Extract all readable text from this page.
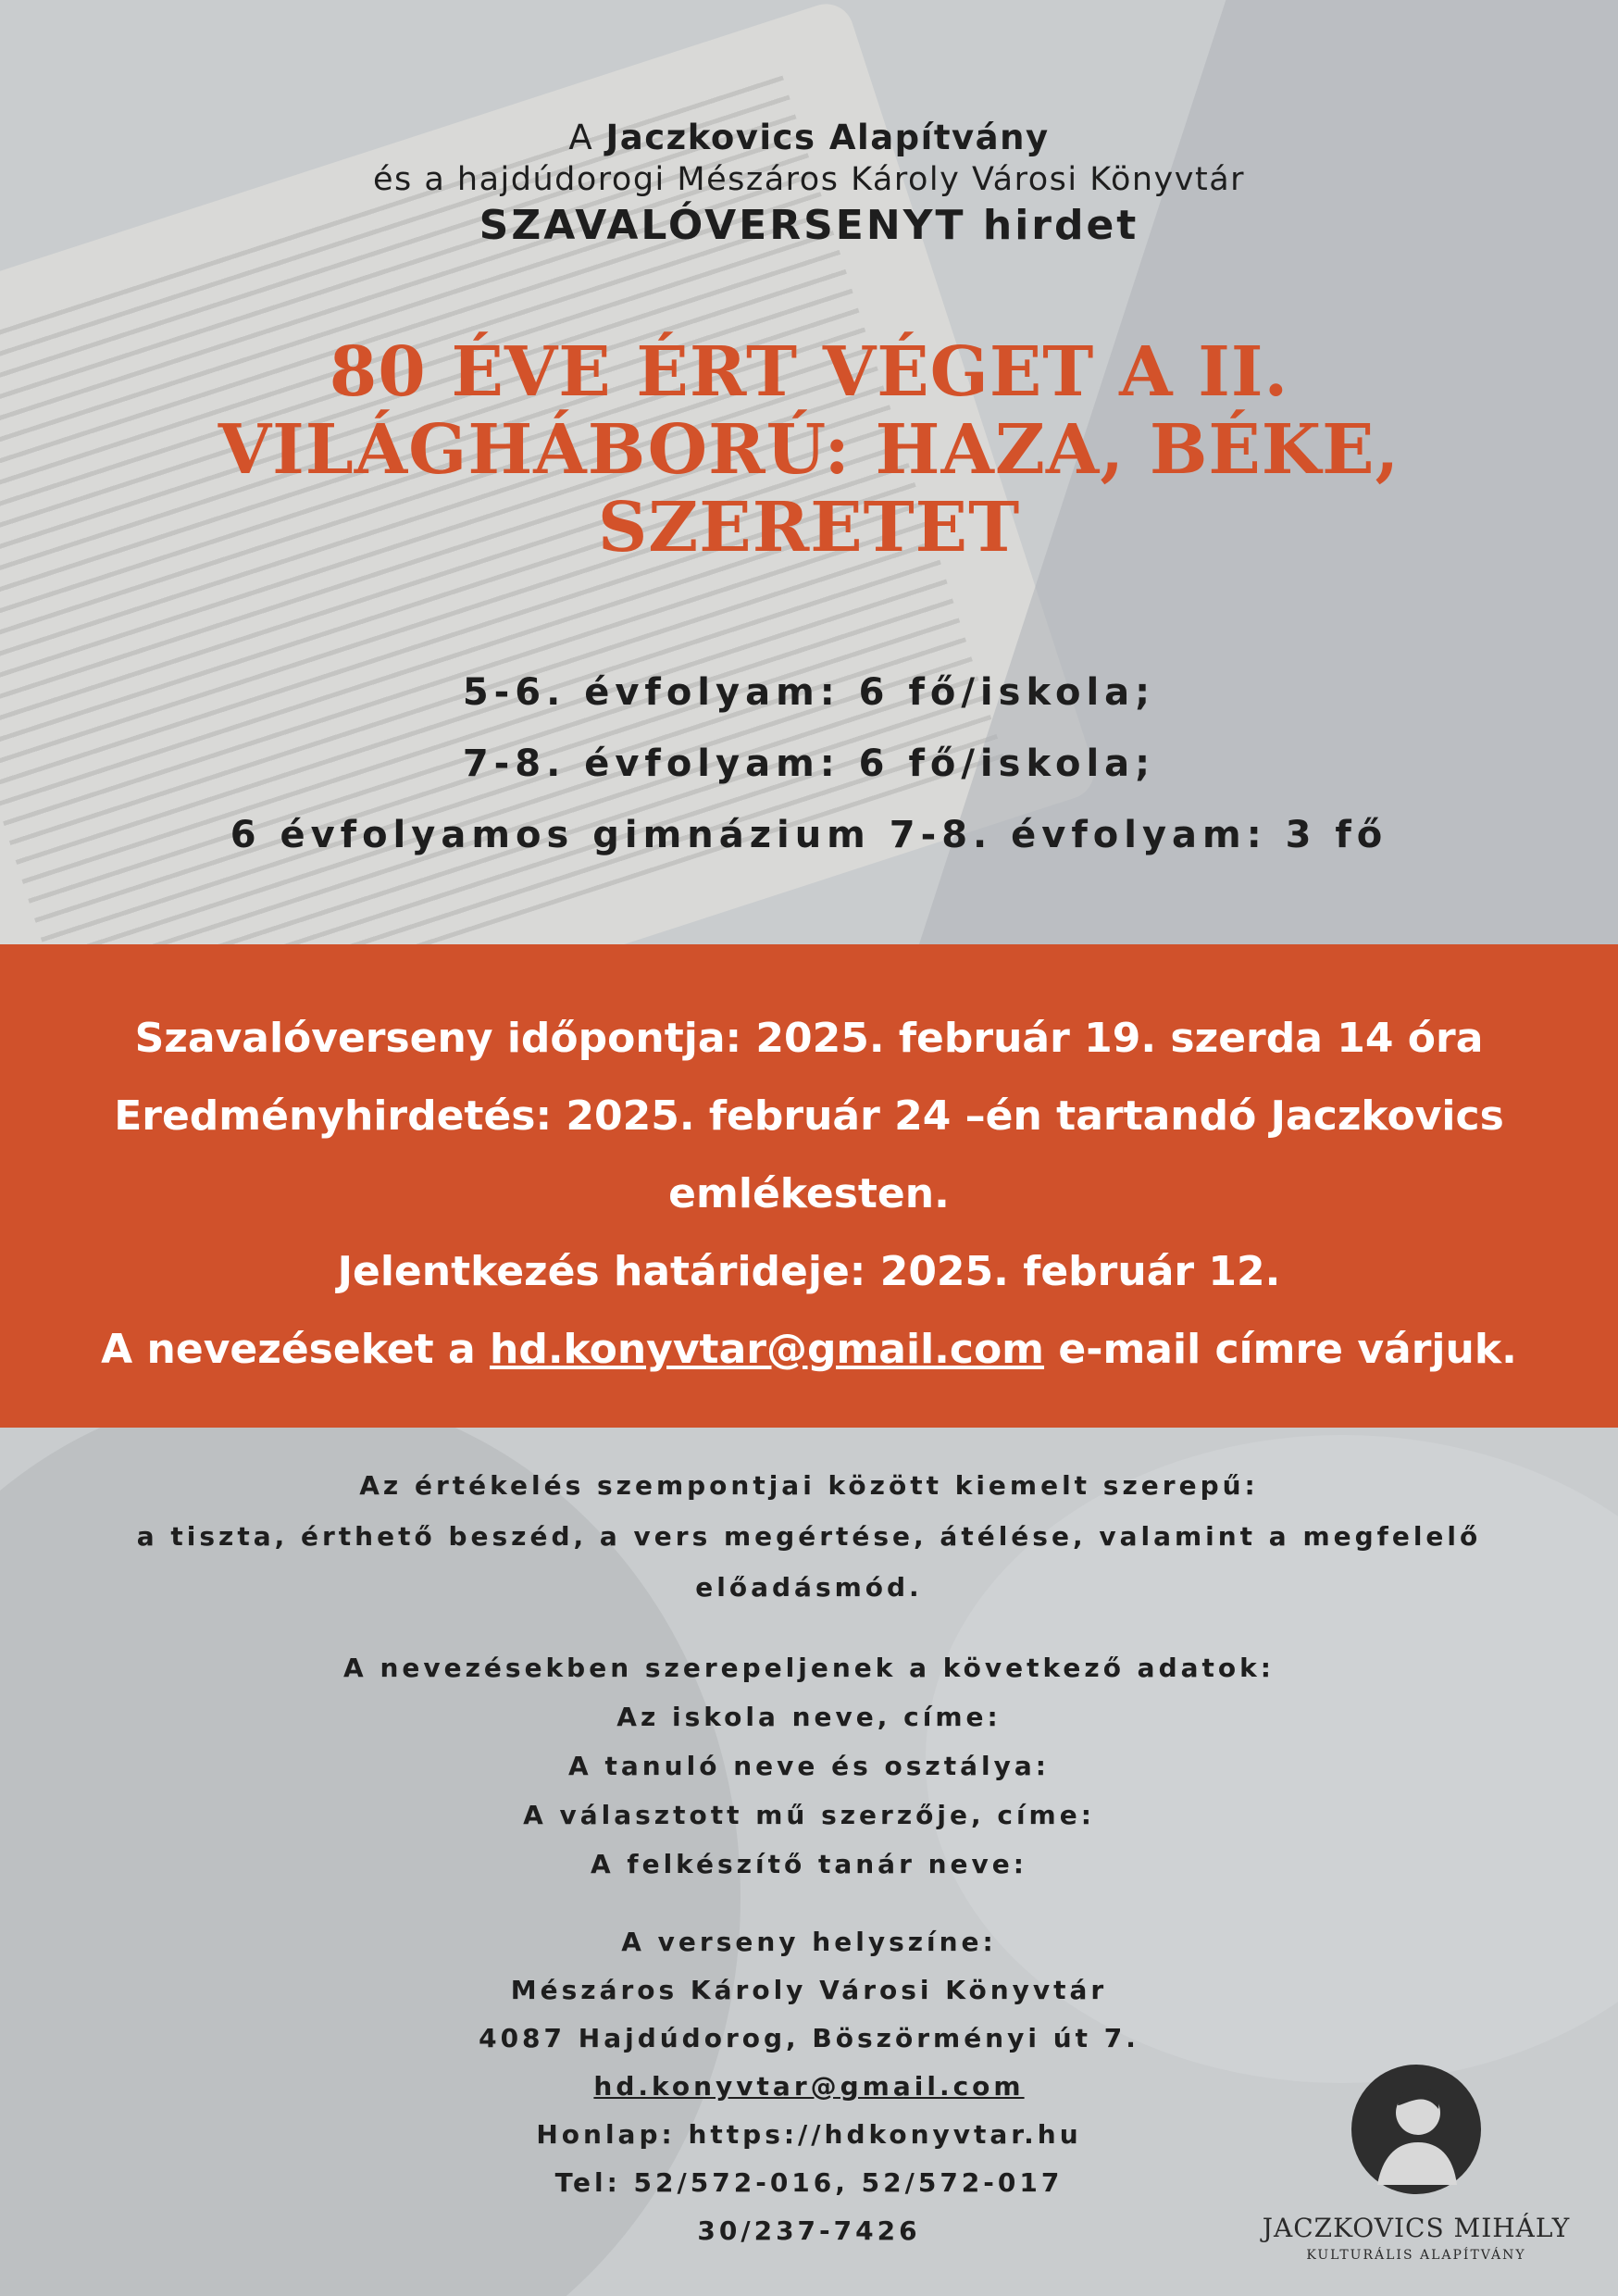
A Jaczkovics Alapítvány
és a hajdúdorogi Mészáros Károly Városi Könyvtár
SZAVALÓVERSENYT hirdet
80 ÉVE ÉRT VÉGET A II.
VILÁGHÁBORÚ: HAZA, BÉKE,
SZERETET
5-6. évfolyam: 6 fő/iskola;
7-8. évfolyam: 6 fő/iskola;
6 évfolyamos gimnázium 7-8. évfolyam: 3 fő
Szavalóverseny időpontja: 2025. február 19. szerda 14 óra
Eredményhirdetés: 2025. február 24 –én tartandó Jaczkovics
emlékesten.
Jelentkezés határideje: 2025. február 12.
A nevezéseket a hd.konyvtar@gmail.com e-mail címre várjuk.
Az értékelés szempontjai között kiemelt szerepű:
a tiszta, érthető beszéd, a vers megértése, átélése, valamint a megfelelő
előadásmód.
A nevezésekben szerepeljenek a következő adatok:
Az iskola neve, címe:
A tanuló neve és osztálya:
A választott mű szerzője, címe:
A felkészítő tanár neve:
A verseny helyszíne:
Mészáros Károly Városi Könyvtár
4087 Hajdúdorog, Böszörményi út 7.
hd.konyvtar@gmail.com
Honlap: https://hdkonyvtar.hu
Tel: 52/572-016, 52/572-017
30/237-7426	JACZKOVICS MIHÁLY
KULTURÁLIS ALAPÍTVÁNY
